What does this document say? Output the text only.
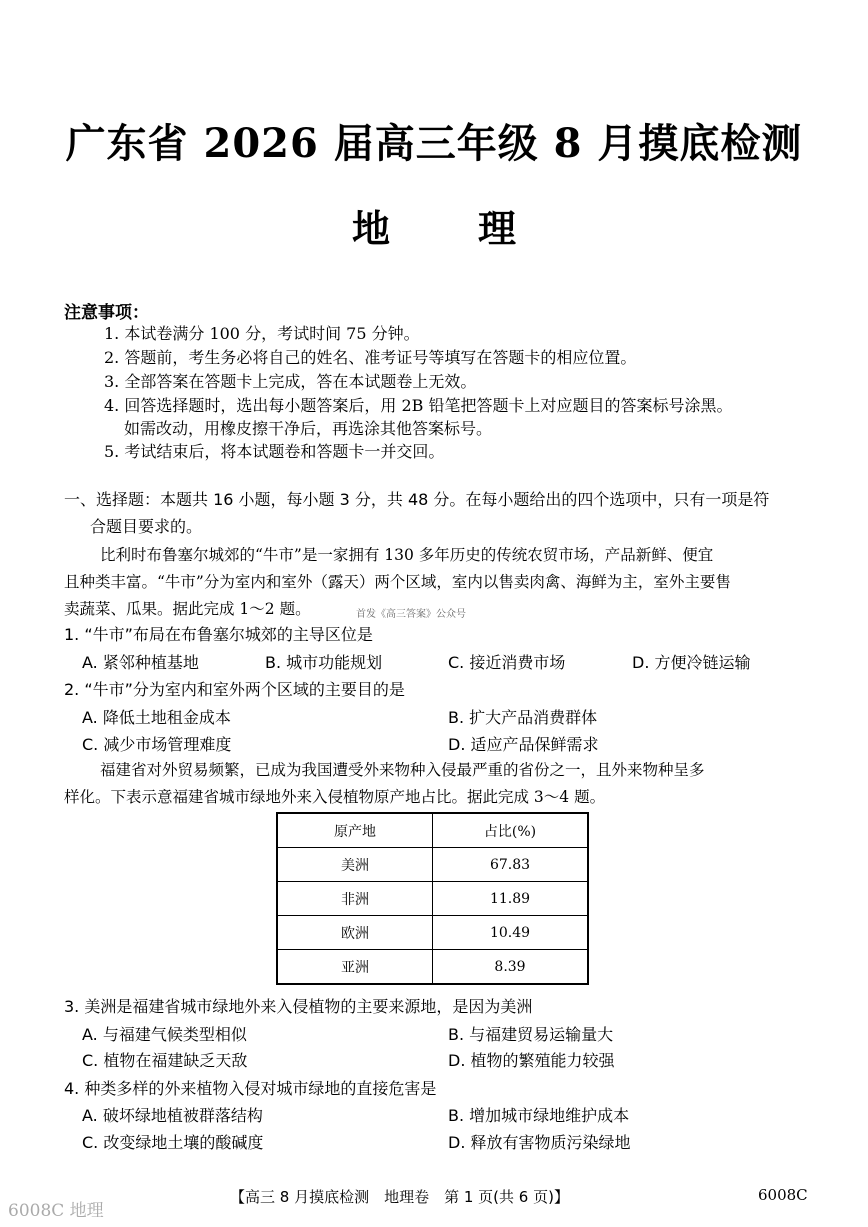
广东省 2026 届高三年级 8 月摸底检测
地 理
注意事项：
1. 本试卷满分 100 分，考试时间 75 分钟。
2. 答题前，考生务必将自己的姓名、准考证号等填写在答题卡的相应位置。
3. 全部答案在答题卡上完成，答在本试题卷上无效。
4. 回答选择题时，选出每小题答案后，用 2B 铅笔把答题卡上对应题目的答案标号涂黑。
如需改动，用橡皮擦干净后，再选涂其他答案标号。
5. 考试结束后，将本试题卷和答题卡一并交回。
一、选择题：本题共 16 小题，每小题 3 分，共 48 分。在每小题给出的四个选项中，只有一项是符
合题目要求的。
比利时布鲁塞尔城郊的“牛市”是一家拥有 130 多年历史的传统农贸市场，产品新鲜、便宜
且种类丰富。“牛市”分为室内和室外（露天）两个区域，室内以售卖肉禽、海鲜为主，室外主要售
卖蔬菜、瓜果。据此完成 1～2 题。	首发《高三答案》公众号
1. “牛市”布局在布鲁塞尔城郊的主导区位是
A. 紧邻种植基地	B. 城市功能规划	C. 接近消费市场	D. 方便冷链运输
2. “牛市”分为室内和室外两个区域的主要目的是
A. 降低土地租金成本	B. 扩大产品消费群体
C. 减少市场管理难度	D. 适应产品保鲜需求
福建省对外贸易频繁，已成为我国遭受外来物种入侵最严重的省份之一，且外来物种呈多
样化。下表示意福建省城市绿地外来入侵植物原产地占比。据此完成 3～4 题。
原产地	占比(%)
美洲	67.83
非洲	11.89
欧洲	10.49
亚洲	8.39
3. 美洲是福建省城市绿地外来入侵植物的主要来源地，是因为美洲
A. 与福建气候类型相似	B. 与福建贸易运输量大
C. 植物在福建缺乏天敌	D. 植物的繁殖能力较强
4. 种类多样的外来植物入侵对城市绿地的直接危害是
A. 破坏绿地植被群落结构	B. 增加城市绿地维护成本
C. 改变绿地土壤的酸碱度	D. 释放有害物质污染绿地
【高三 8 月摸底检测　地理卷　第 1 页(共 6 页)】	6008C
6008C 地理
